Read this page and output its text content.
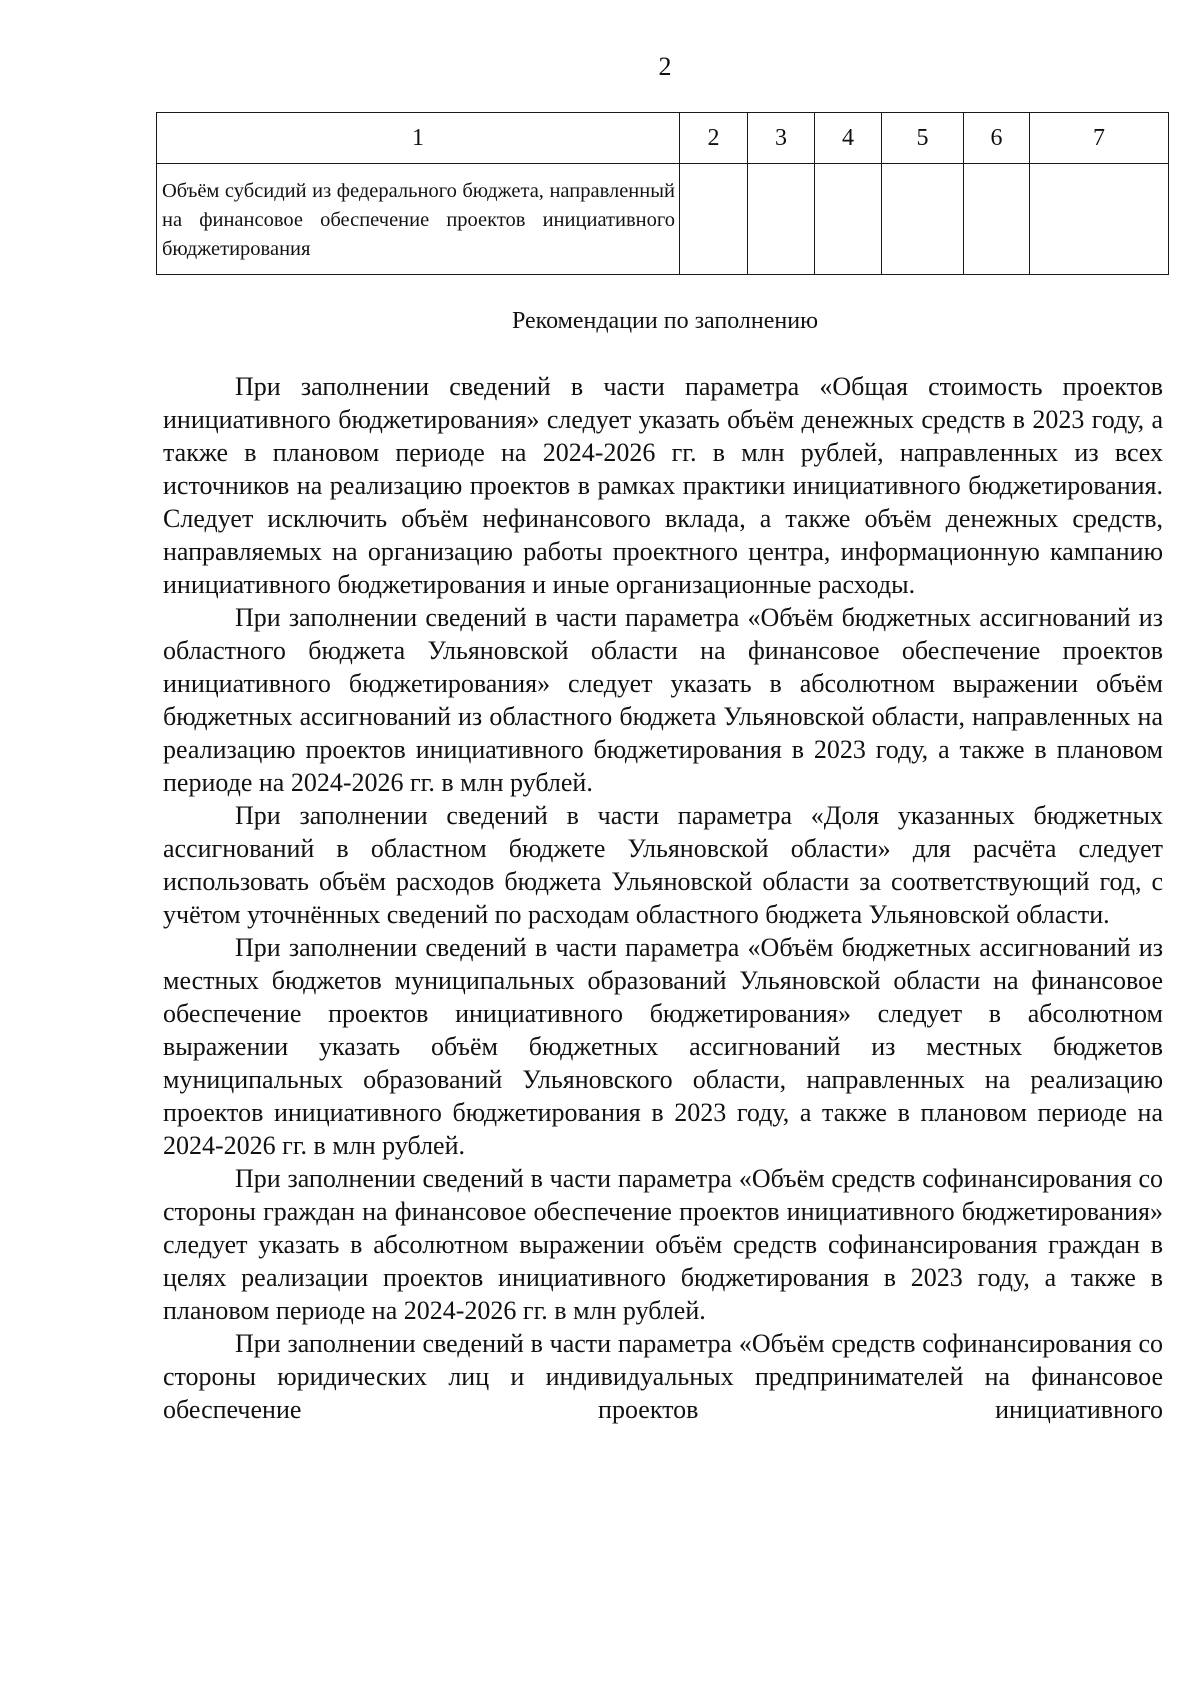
2
1	2	3	4	5	6	7
Объём субсидий из федерального бюджета, направленный на финансовое обеспечение проектов инициативного бюджетирования						
Рекомендации по заполнению

При заполнении сведений в части параметра «Общая стоимость проектов инициативного бюджетирования» следует указать объём денежных средств в 2023 году, а также в плановом периоде на 2024-2026 гг. в млн рублей, направленных из всех источников на реализацию проектов в рамках практики инициативного бюджетирования. Следует исключить объём нефинансового вклада, а также объём денежных средств, направляемых на организацию работы проектного центра, информационную кампанию инициативного бюджетирования и иные организационные расходы.

При заполнении сведений в части параметра «Объём бюджетных ассигнований из областного бюджета Ульяновской области на финансовое обеспечение проектов инициативного бюджетирования» следует указать в абсолютном выражении объём бюджетных ассигнований из областного бюджета Ульяновской области, направленных на реализацию проектов инициативного бюджетирования в 2023 году, а также в плановом периоде на 2024-2026 гг. в млн рублей.

При заполнении сведений в части параметра «Доля указанных бюджетных ассигнований в областном бюджете Ульяновской области» для расчёта следует использовать объём расходов бюджета Ульяновской области за соответствующий год, с учётом уточнённых сведений по расходам областного бюджета Ульяновской области.

При заполнении сведений в части параметра «Объём бюджетных ассигнований из местных бюджетов муниципальных образований Ульяновской области на финансовое обеспечение проектов инициативного бюджетирования» следует в абсолютном выражении указать объём бюджетных ассигнований из местных бюджетов муниципальных образований Ульяновского области, направленных на реализацию проектов инициативного бюджетирования в 2023 году, а также в плановом периоде на 2024-2026 гг. в млн рублей.

При заполнении сведений в части параметра «Объём средств софинансирования со стороны граждан на финансовое обеспечение проектов инициативного бюджетирования» следует указать в абсолютном выражении объём средств софинансирования граждан в целях реализации проектов инициативного бюджетирования в 2023 году, а также в плановом периоде на 2024-2026 гг. в млн рублей.

При заполнении сведений в части параметра «Объём средств софинансирования со стороны юридических лиц и индивидуальных предпринимателей на финансовое обеспечение проектов инициативного
